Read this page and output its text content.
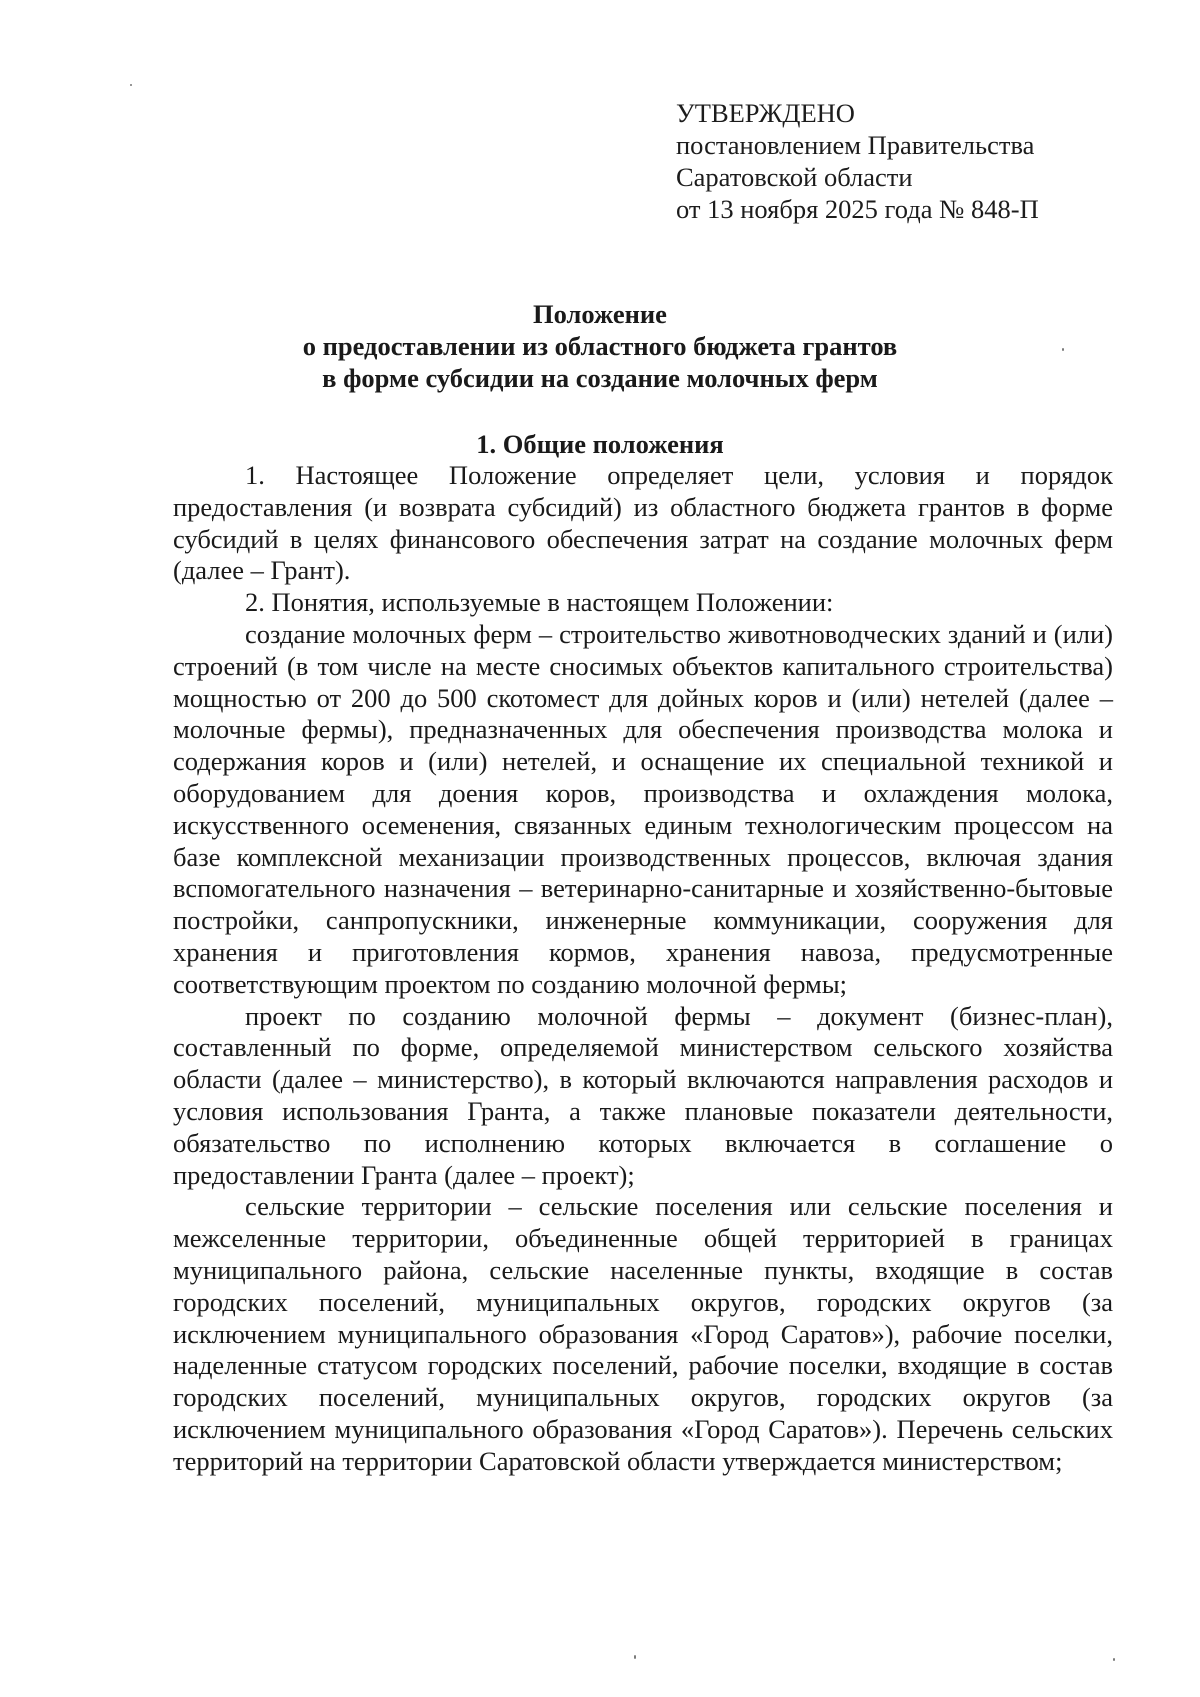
УТВЕРЖДЕНО
постановлением Правительства
Саратовской области
от 13 ноября 2025 года № 848-П
Положение
о предоставлении из областного бюджета грантов
в форме субсидии на создание молочных ферм
1. Общие положения

1. Настоящее Положение определяет цели, условия и порядок предоставления (и возврата субсидий) из областного бюджета грантов в форме субсидий в целях финансового обеспечения затрат на создание молочных ферм (далее – Грант).

2. Понятия, используемые в настоящем Положении:

создание молочных ферм – строительство животноводческих зданий и (или) строений (в том числе на месте сносимых объектов капитального строительства) мощностью от 200 до 500 скотомест для дойных коров и (или) нетелей (далее – молочные фермы), предназначенных для обеспечения производства молока и содержания коров и (или) нетелей, и оснащение их специальной техникой и оборудованием для доения коров, производства и охлаждения молока, искусственного осеменения, связанных единым технологическим процессом на базе комплексной механизации производственных процессов, включая здания вспомогательного назначения – ветеринарно-санитарные и хозяйственно-бытовые постройки, санпропускники, инженерные коммуникации, сооружения для хранения и приготовления кормов, хранения навоза, предусмотренные соответствующим проектом по созданию молочной фермы;

проект по созданию молочной фермы – документ (бизнес-план), составленный по форме, определяемой министерством сельского хозяйства области (далее – министерство), в который включаются направления расходов и условия использования Гранта, а также плановые показатели деятельности, обязательство по исполнению которых включается в соглашение о предоставлении Гранта (далее – проект);

сельские территории – сельские поселения или сельские поселения и межселенные территории, объединенные общей территорией в границах муниципального района, сельские населенные пункты, входящие в состав городских поселений, муниципальных округов, городских округов (за исключением муниципального образования «Город Саратов»), рабочие поселки, наделенные статусом городских поселений, рабочие поселки, входящие в состав городских поселений, муниципальных округов, городских округов (за исключением муниципального образования «Город Саратов»). Перечень сельских территорий на территории Саратовской области утверждается министерством;
